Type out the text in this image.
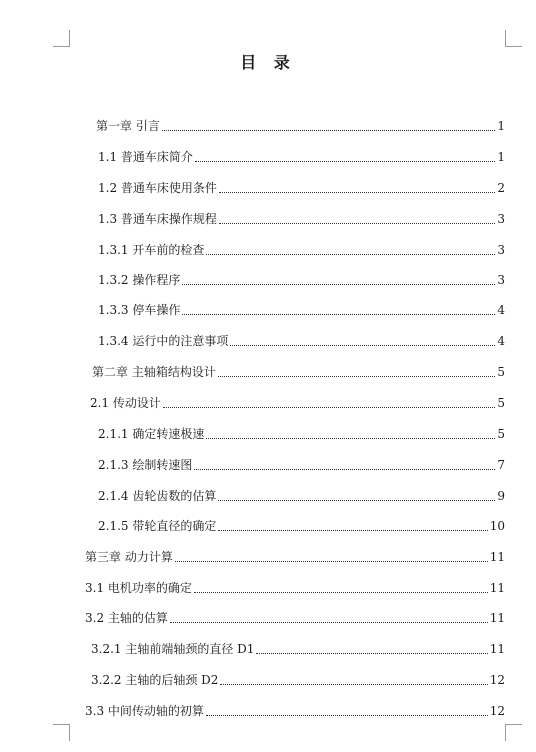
目 录
第一章 引言	1
1.1 普通车床简介	1
1.2 普通车床使用条件	2
1.3 普通车床操作规程	3
1.3.1 开车前的检查	3
1.3.2 操作程序	3
1.3.3 停车操作	4
1.3.4 运行中的注意事项	4
第二章 主轴箱结构设计	5
2.1 传动设计	5
2.1.1 确定转速极速	5
2.1.3 绘制转速图	7
2.1.4 齿轮齿数的估算	9
2.1.5 带轮直径的确定	10
第三章 动力计算	11
3.1 电机功率的确定	11
3.2 主轴的估算	11
3.2.1 主轴前端轴颈的直径 D1	11
3.2.2 主轴的后轴颈 D2	12
3.3 中间传动轴的初算	12
